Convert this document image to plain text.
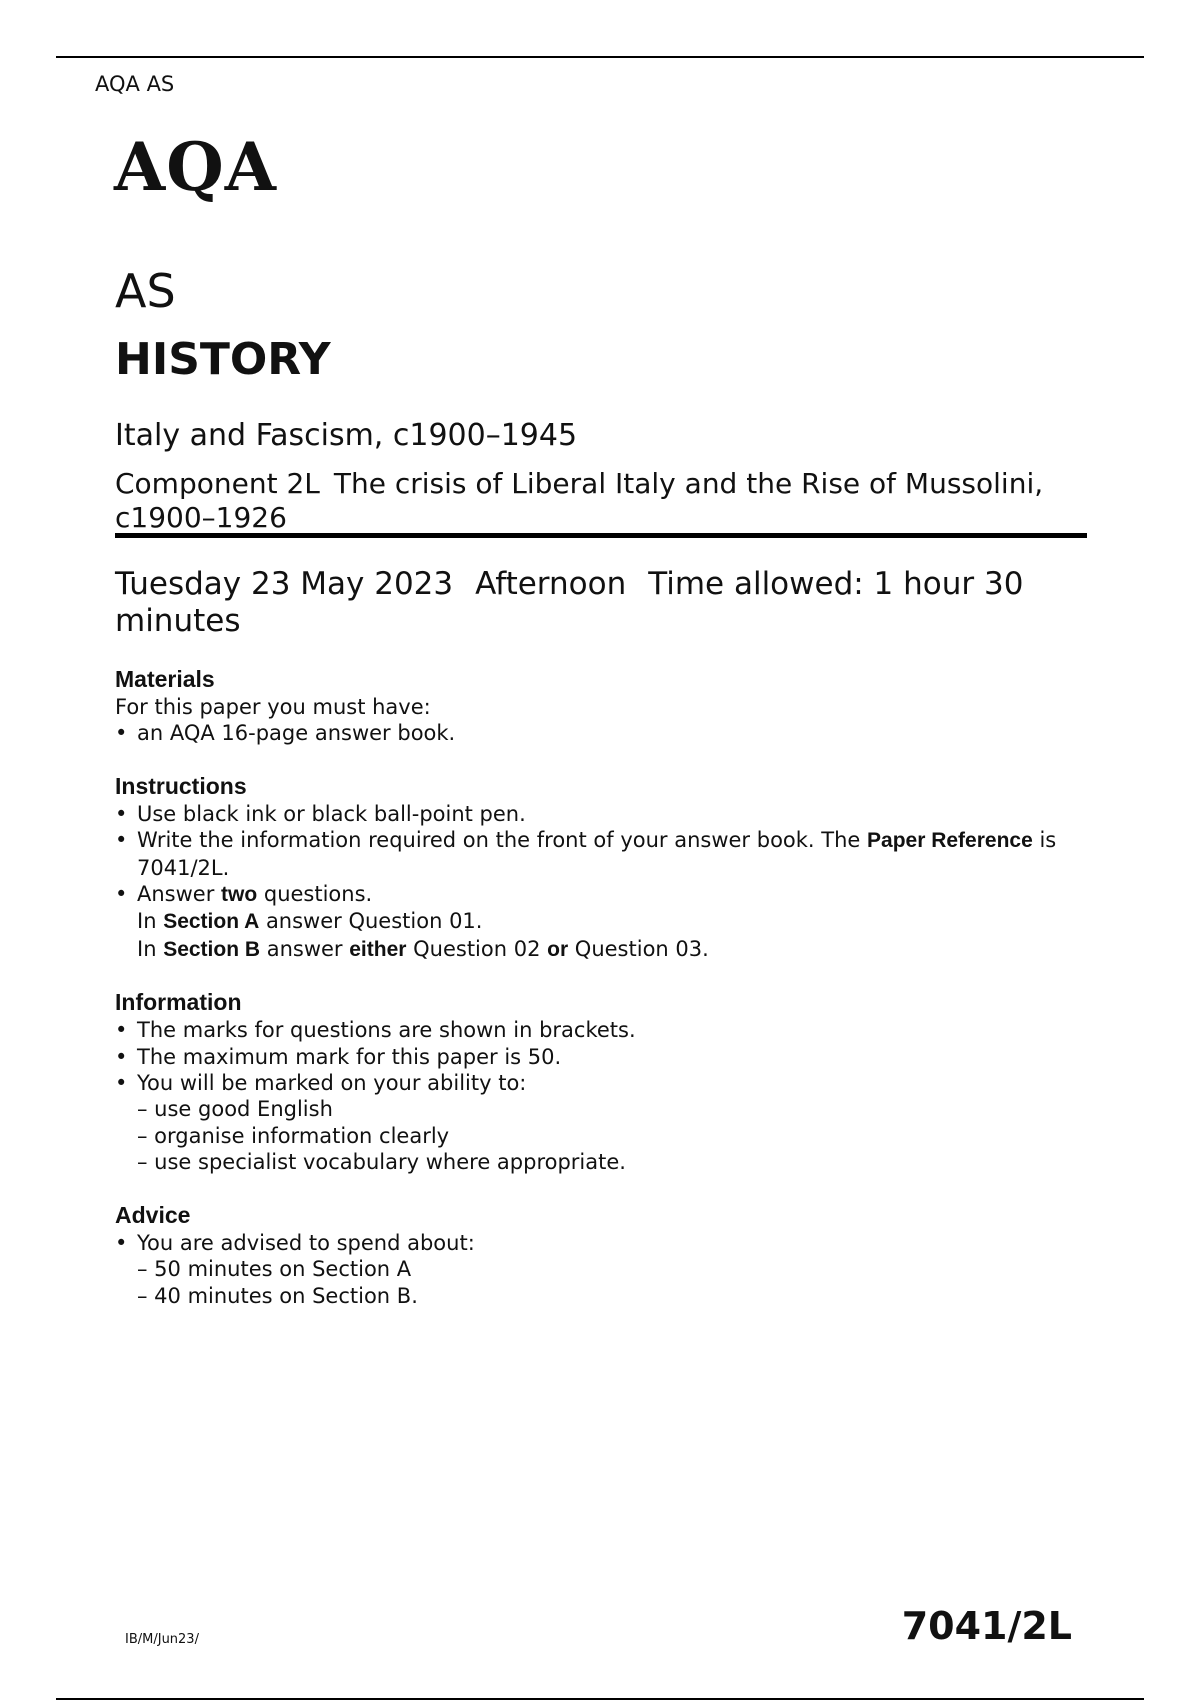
AQA AS
AQA
AS
HISTORY
Italy and Fascism, c1900–1945
Component 2L The crisis of Liberal Italy and the Rise of Mussolini, c1900–1926
Tuesday 23 May 2023 Afternoon Time allowed: 1 hour 30 minutes
Materials
For this paper you must have:
• an AQA 16-page answer book.
Instructions
• Use black ink or black ball-point pen.
• Write the information required on the front of your answer book. The Paper Reference is 7041/2L.
• Answer two questions.
In Section A answer Question 01.
In Section B answer either Question 02 or Question 03.
Information
• The marks for questions are shown in brackets.
• The maximum mark for this paper is 50.
• You will be marked on your ability to:
– use good English
– organise information clearly
– use specialist vocabulary where appropriate.
Advice
• You are advised to spend about:
– 50 minutes on Section A
– 40 minutes on Section B.
IB/M/Jun23/	7041/2L
